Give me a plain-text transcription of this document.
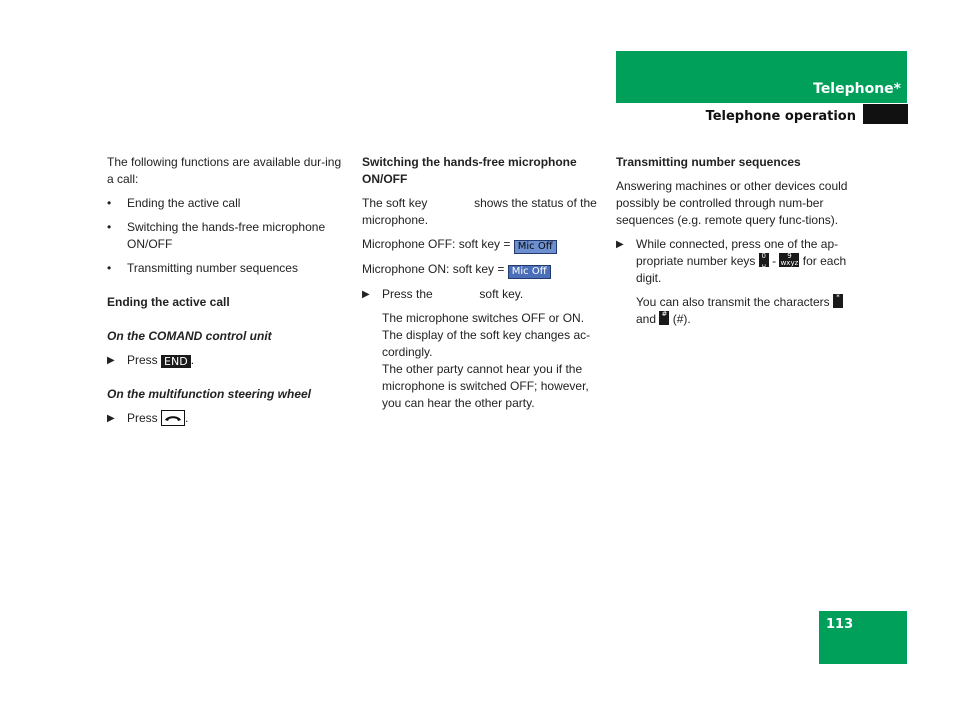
Telephone*
Telephone operation

The following functions are available dur-ing a call:

• Ending the active call
• Switching the hands-free microphone ON/OFF
• Transmitting number sequences
Ending the active call
On the COMAND control unit
▶ Press END .
On the multifunction steering wheel
▶ Press .
Switching the hands-free microphone ON/OFF

The soft key	shows the status of the microphone.

Microphone OFF: soft key = Mic Off

Microphone ON: soft key = Mic Off

▶ Press the	soft key.
The microphone switches OFF or ON. The display of the soft key changes ac-cordingly.
The other party cannot hear you if the microphone is switched OFF; however, you can hear the other party.
Transmitting number sequences

Answering machines or other devices could possibly be controlled through num-ber sequences (e.g. remote query func-tions).

▶ While connected, press one of the ap-propriate number keys 0 ␣ - 9 wxyz for each digit.
You can also transmit the characters * and # (#).
113
